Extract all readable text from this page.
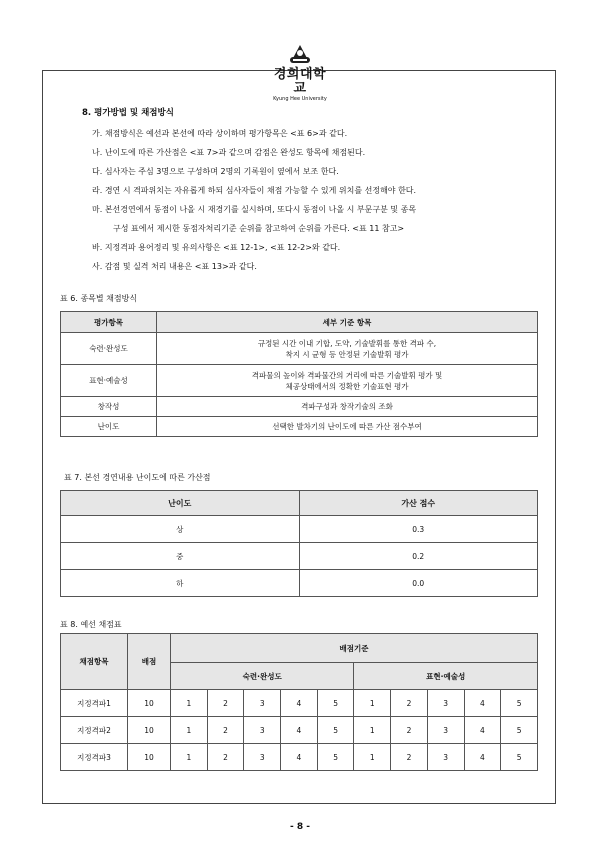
경희대학교
Kyung Hee University
8. 평가방법 및 채점방식
가. 채점방식은 예선과 본선에 따라 상이하며 평가항목은 <표 6>과 같다.
나. 난이도에 따른 가산점은 <표 7>과 같으며 감점은 완성도 항목에 채점된다.
다. 심사자는 주심 3명으로 구성하며 2명의 기록원이 옆에서 보조 한다.
라. 경연 시 격파위치는 자유롭게 하되 심사자들이 채점 가능할 수 있게 위치를 선정해야 한다.
마. 본선경연에서 동점이 나올 시 재경기를 실시하며, 또다시 동점이 나올 시 부문구분 및 종목
구성 표에서 제시한 동점자처리기준 순위를 참고하여 순위를 가른다. <표 11 참고>
바. 지정격파 용어정리 및 유의사항은 <표 12-1>, <표 12-2>와 같다.
사. 감점 및 실격 처리 내용은 <표 13>과 같다.
표 6. 종목별 채점방식
평가항목	세부 기준 항목
숙련·완성도	규정된 시간 이내 기합, 도약, 기술발휘를 통한 격파 수,
착지 시 균형 등 안정된 기술발휘 평가

표현·예술성	격파물의 높이와 격파물간의 거리에 따른 기술발휘 평가 및
체공상태에서의 정확한 기술표현 평가

창작성	격파구성과 창작기술의 조화
난이도	선택한 발차기의 난이도에 따른 가산 점수부여
표 7. 본선 경연내용 난이도에 따른 가산점
난이도	가산 점수
상	0.3
중	0.2
하	0.0
표 8. 예선 채점표
채점항목	배점	배점기준									
		숙련·완성도					표현·예술성				
지정격파1	10	1	2	3	4	5	1	2	3	4	5
지정격파2	10	1	2	3	4	5	1	2	3	4	5
지정격파3	10	1	2	3	4	5	1	2	3	4	5
- 8 -
